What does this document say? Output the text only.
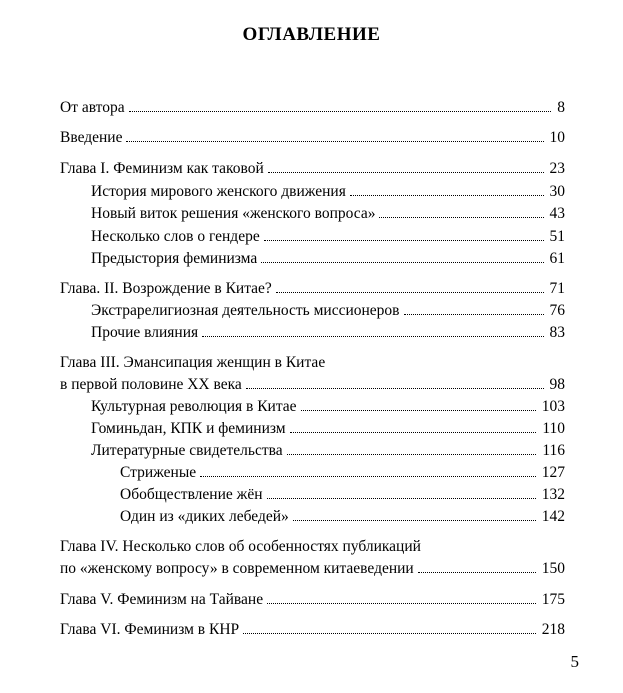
ОГЛАВЛЕНИЕ
От автора	8
Введение	10
Глава I. Феминизм как таковой	23
История мирового женского движения	30
Новый виток решения «женского вопроса»	43
Несколько слов о гендере	51
Предыстория феминизма	61
Глава. II. Возрождение в Китае?	71
Экстрарелигиозная деятельность миссионеров	76
Прочие влияния	83
Глава III. Эмансипация женщин в Китае
в первой половине XX века	98
Культурная революция в Китае	103
Гоминьдан, КПК и феминизм	110
Литературные свидетельства	116
Стриженые	127
Обобществление жён	132
Один из «диких лебедей»	142
Глава IV. Несколько слов об особенностях публикаций
по «женскому вопросу» в современном китаеведении	150
Глава V. Феминизм на Тайване	175
Глава VI. Феминизм в КНР	218
5
